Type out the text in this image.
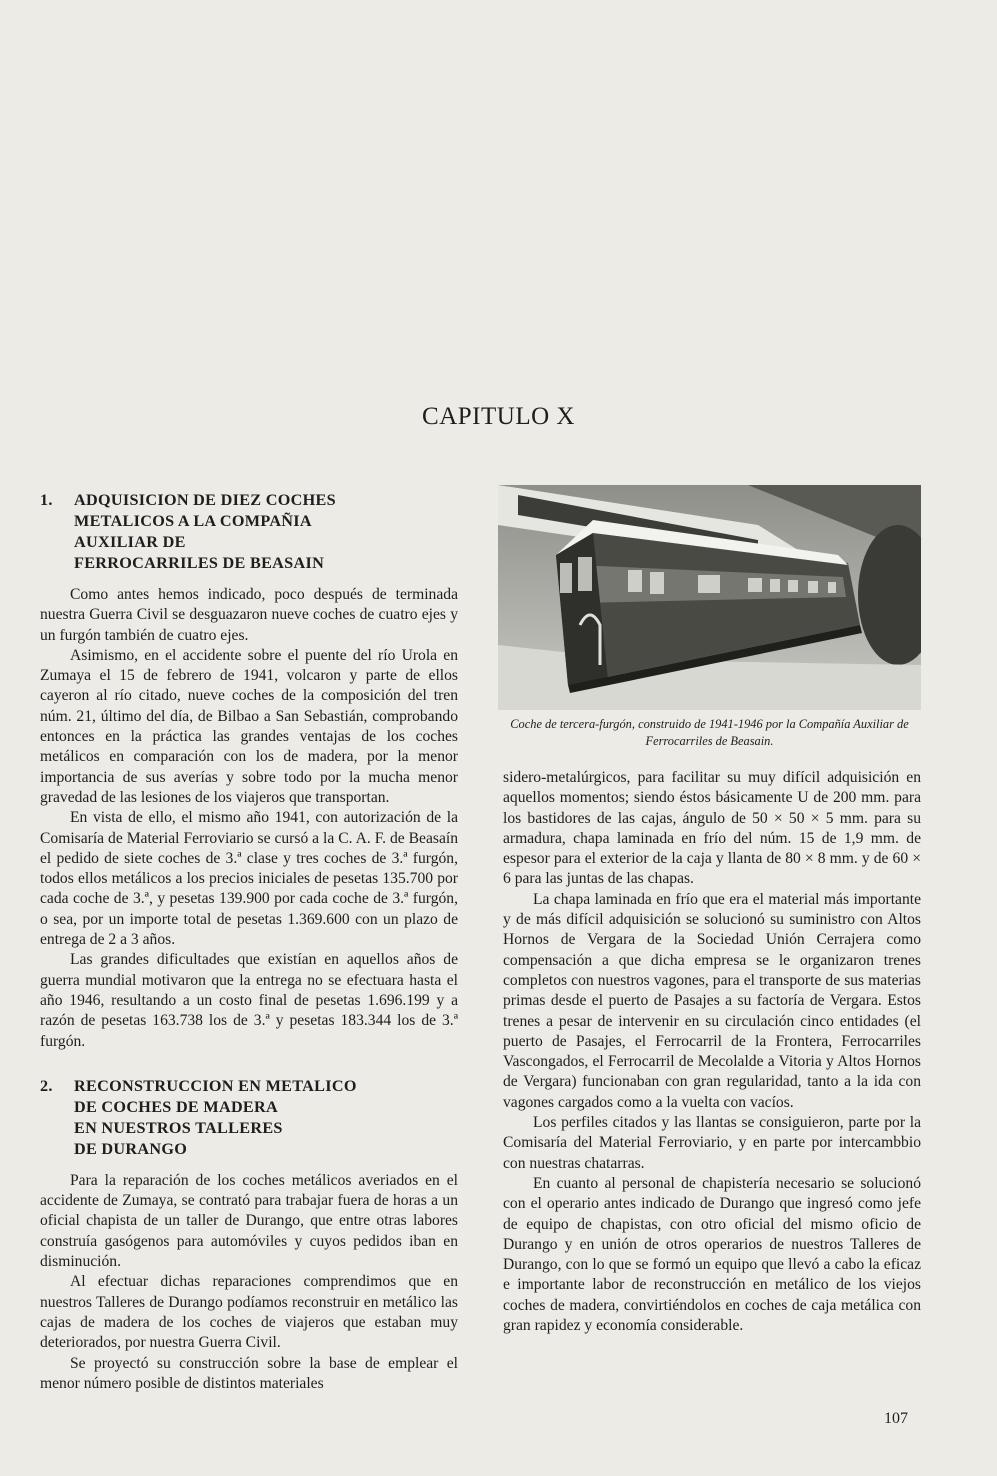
CAPITULO X
1.	ADQUISICION DE DIEZ COCHES
METALICOS A LA COMPAÑIA
AUXILIAR DE
FERROCARRILES DE BEASAIN

Como antes hemos indicado, poco después de terminada nuestra Guerra Civil se desguazaron nueve coches de cuatro ejes y un furgón también de cuatro ejes.

Asimismo, en el accidente sobre el puente del río Urola en Zumaya el 15 de febrero de 1941, volcaron y parte de ellos cayeron al río citado, nueve coches de la composición del tren núm. 21, último del día, de Bilbao a San Sebastián, comprobando entonces en la práctica las grandes ventajas de los coches metálicos en comparación con los de madera, por la menor importancia de sus averías y sobre todo por la mucha menor gravedad de las lesiones de los viajeros que transportan.

En vista de ello, el mismo año 1941, con autorización de la Comisaría de Material Ferroviario se cursó a la C. A. F. de Beasaín el pedido de siete coches de 3.ª clase y tres coches de 3.ª furgón, todos ellos metálicos a los precios iniciales de pesetas 135.700 por cada coche de 3.ª, y pesetas 139.900 por cada coche de 3.ª furgón, o sea, por un importe total de pesetas 1.369.600 con un plazo de entrega de 2 a 3 años.

Las grandes dificultades que existían en aquellos años de guerra mundial motivaron que la entrega no se efectuara hasta el año 1946, resultando a un costo final de pesetas 1.696.199 y a razón de pesetas 163.738 los de 3.ª y pesetas 183.344 los de 3.ª furgón.

2.	RECONSTRUCCION EN METALICO
DE COCHES DE MADERA
EN NUESTROS TALLERES
DE DURANGO

Para la reparación de los coches metálicos averiados en el accidente de Zumaya, se contrató para trabajar fuera de horas a un oficial chapista de un taller de Durango, que entre otras labores construía gasógenos para automóviles y cuyos pedidos iban en disminución.

Al efectuar dichas reparaciones comprendimos que en nuestros Talleres de Durango podíamos reconstruir en metálico las cajas de madera de los coches de viajeros que estaban muy deteriorados, por nuestra Guerra Civil.

Se proyectó su construcción sobre la base de emplear el menor número posible de distintos materiales

Coche de tercera-furgón, construido de 1941-1946 por la Compañía Auxiliar de Ferrocarriles de Beasain.

sidero-metalúrgicos, para facilitar su muy difícil adquisición en aquellos momentos; siendo éstos básicamente U de 200 mm. para los bastidores de las cajas, ángulo de 50 × 50 × 5 mm. para su armadura, chapa laminada en frío del núm. 15 de 1,9 mm. de espesor para el exterior de la caja y llanta de 80 × 8 mm. y de 60 × 6 para las juntas de las chapas.

La chapa laminada en frío que era el material más importante y de más difícil adquisición se solucionó su suministro con Altos Hornos de Vergara de la Sociedad Unión Cerrajera como compensación a que dicha empresa se le organizaron trenes completos con nuestros vagones, para el transporte de sus materias primas desde el puerto de Pasajes a su factoría de Vergara. Estos trenes a pesar de intervenir en su circulación cinco entidades (el puerto de Pasajes, el Ferrocarril de la Frontera, Ferrocarriles Vascongados, el Ferrocarril de Mecolalde a Vitoria y Altos Hornos de Vergara) funcionaban con gran regularidad, tanto a la ida con vagones cargados como a la vuelta con vacíos.

Los perfiles citados y las llantas se consiguieron, parte por la Comisaría del Material Ferroviario, y en parte por intercambbio con nuestras chatarras.

En cuanto al personal de chapistería necesario se solucionó con el operario antes indicado de Durango que ingresó como jefe de equipo de chapistas, con otro oficial del mismo oficio de Durango y en unión de otros operarios de nuestros Talleres de Durango, con lo que se formó un equipo que llevó a cabo la eficaz e importante labor de reconstrucción en metálico de los viejos coches de madera, convirtiéndolos en coches de caja metálica con gran rapidez y economía considerable.

107
